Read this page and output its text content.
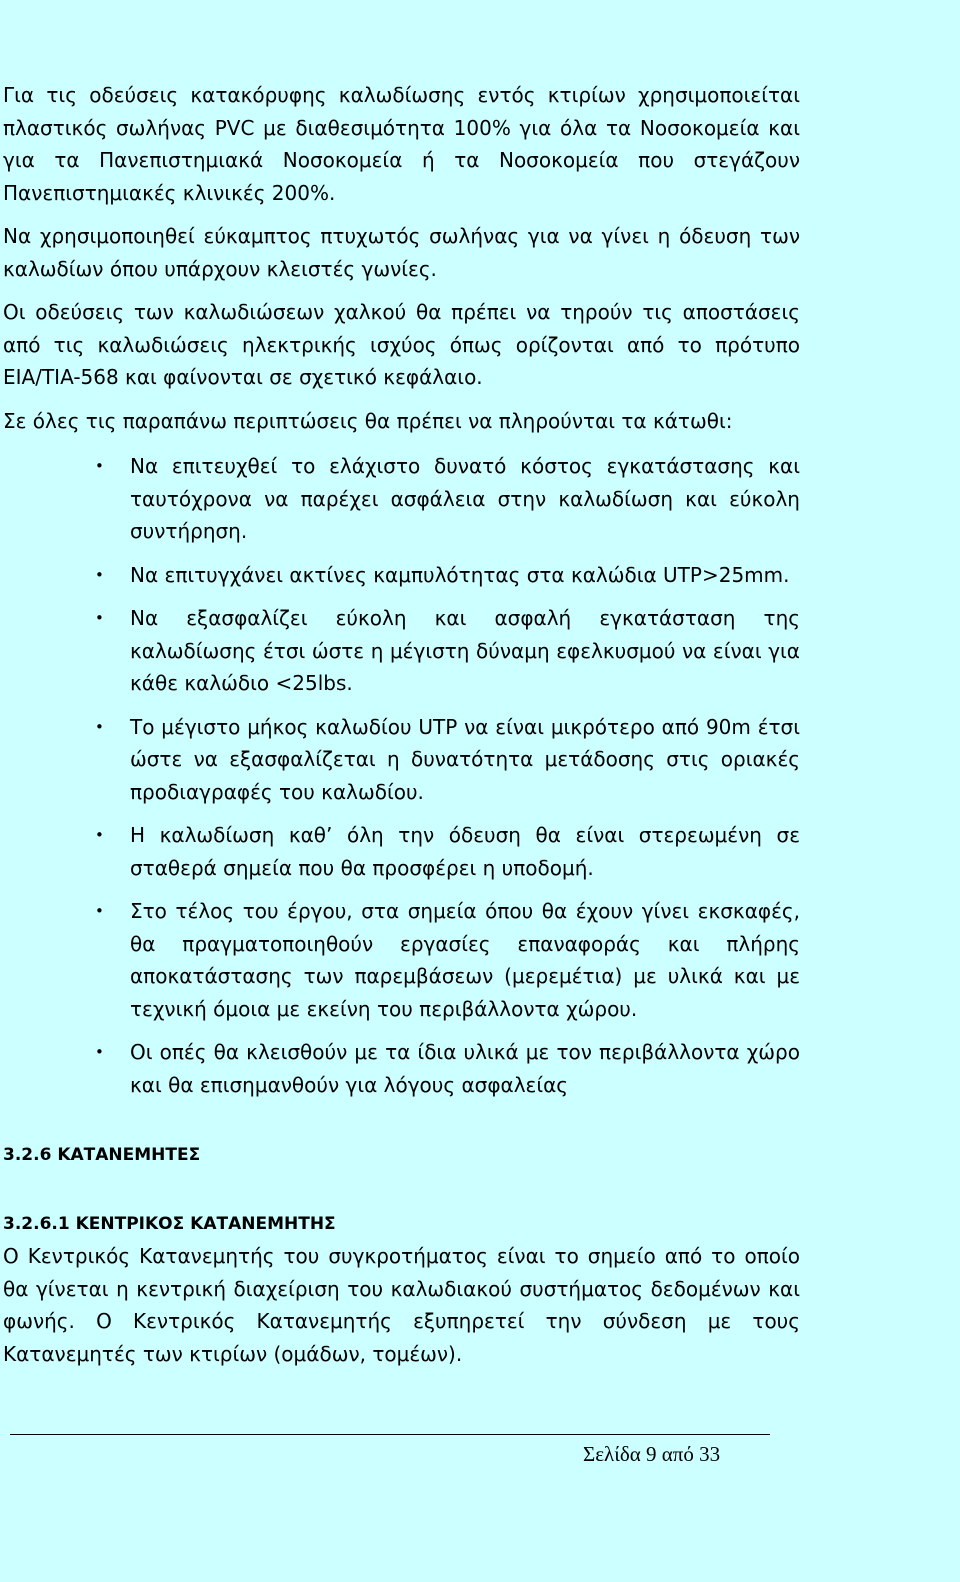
Για τις οδεύσεις κατακόρυφης καλωδίωσης εντός κτιρίων χρησιμοποιείται πλαστικός σωλήνας PVC με διαθεσιμότητα 100% για όλα τα Νοσοκομεία και για τα Πανεπιστημιακά Νοσοκομεία ή τα Νοσοκομεία που στεγάζουν Πανεπιστημιακές κλινικές 200%.

Να χρησιμοποιηθεί εύκαμπτος πτυχωτός σωλήνας για να γίνει η όδευση των καλωδίων όπου υπάρχουν κλειστές γωνίες.

Οι οδεύσεις των καλωδιώσεων χαλκού θα πρέπει να τηρούν τις αποστάσεις από τις καλωδιώσεις ηλεκτρικής ισχύος όπως ορίζονται από το πρότυπο EIA/TIA-568 και φαίνονται σε σχετικό κεφάλαιο.

Σε όλες τις παραπάνω περιπτώσεις θα πρέπει να πληρούνται τα κάτωθι:

• Να επιτευχθεί το ελάχιστο δυνατό κόστος εγκατάστασης και ταυτόχρονα να παρέχει ασφάλεια στην καλωδίωση και εύκολη συντήρηση.
• Να επιτυγχάνει ακτίνες καμπυλότητας στα καλώδια UTP>25mm.
• Να εξασφαλίζει εύκολη και ασφαλή εγκατάσταση της καλωδίωσης έτσι ώστε η μέγιστη δύναμη εφελκυσμού να είναι για κάθε καλώδιο <25lbs.
• Το μέγιστο μήκος καλωδίου UTP να είναι μικρότερο από 90m έτσι ώστε να εξασφαλίζεται η δυνατότητα μετάδοσης στις οριακές προδιαγραφές του καλωδίου.
• Η καλωδίωση καθ’ όλη την όδευση θα είναι στερεωμένη σε σταθερά σημεία που θα προσφέρει η υποδομή.
• Στο τέλος του έργου, στα σημεία όπου θα έχουν γίνει εκσκαφές, θα πραγματοποιηθούν εργασίες επαναφοράς και πλήρης αποκατάστασης των παρεμβάσεων (μερεμέτια) με υλικά και με τεχνική όμοια με εκείνη του περιβάλλοντα χώρου.
• Οι οπές θα κλεισθούν με τα ίδια υλικά με τον περιβάλλοντα χώρο και θα επισημανθούν για λόγους ασφαλείας
3.2.6 ΚΑΤΑΝΕΜΗΤΕΣ
3.2.6.1 ΚΕΝΤΡΙΚΟΣ ΚΑΤΑΝΕΜΗΤΗΣ

Ο Κεντρικός Κατανεμητής του συγκροτήματος είναι το σημείο από το οποίο θα γίνεται η κεντρική διαχείριση του καλωδιακού συστήματος δεδομένων και φωνής. Ο Κεντρικός Κατανεμητής εξυπηρετεί την σύνδεση με τους Κατανεμητές των κτιρίων (ομάδων, τομέων).

Σελίδα 9 από 33
